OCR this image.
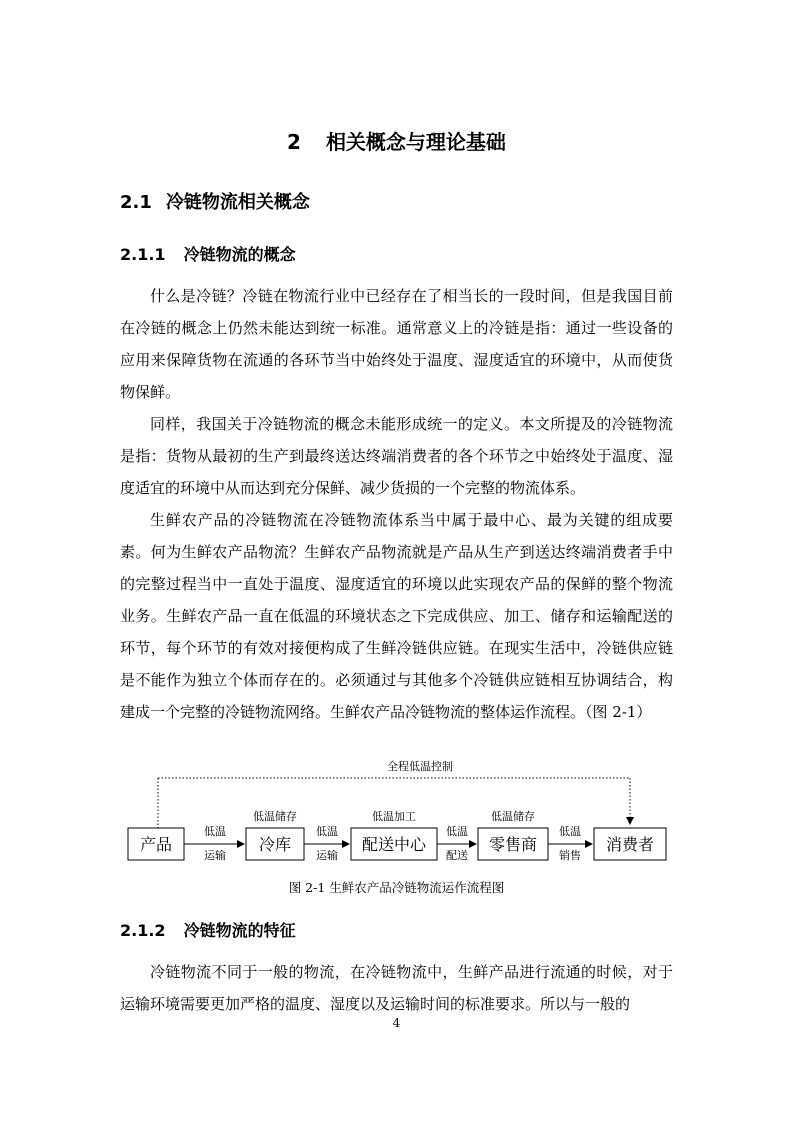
2 相关概念与理论基础
2.1 冷链物流相关概念
2.1.1 冷链物流的概念

什么是冷链？冷链在物流行业中已经存在了相当长的一段时间，但是我国目前在冷链的概念上仍然未能达到统一标准。通常意义上的冷链是指：通过一些设备的应用来保障货物在流通的各环节当中始终处于温度、湿度适宜的环境中，从而使货物保鲜。

同样，我国关于冷链物流的概念未能形成统一的定义。本文所提及的冷链物流是指：货物从最初的生产到最终送达终端消费者的各个环节之中始终处于温度、湿度适宜的环境中从而达到充分保鲜、减少货损的一个完整的物流体系。

生鲜农产品的冷链物流在冷链物流体系当中属于最中心、最为关键的组成要素。何为生鲜农产品物流？生鲜农产品物流就是产品从生产到送达终端消费者手中的完整过程当中一直处于温度、湿度适宜的环境以此实现农产品的保鲜的整个物流业务。生鲜农产品一直在低温的环境状态之下完成供应、加工、储存和运输配送的环节，每个环节的有效对接便构成了生鲜冷链供应链。在现实生活中，冷链供应链是不能作为独立个体而存在的。必须通过与其他多个冷链供应链相互协调结合，构建成一个完整的冷链物流网络。生鲜农产品冷链物流的整体运作流程。（图 2-1）

全程低温控制
产品	冷库
低温储存
配送中心
低温加工
零售商
低温储存
消费者
低温
运输
低温
运输
低温
配送
低温
销售
图 2-1 生鲜农产品冷链物流运作流程图
2.1.2 冷链物流的特征

冷链物流不同于一般的物流，在冷链物流中，生鲜产品进行流通的时候，对于运输环境需要更加严格的温度、湿度以及运输时间的标准要求。所以与一般的

4
